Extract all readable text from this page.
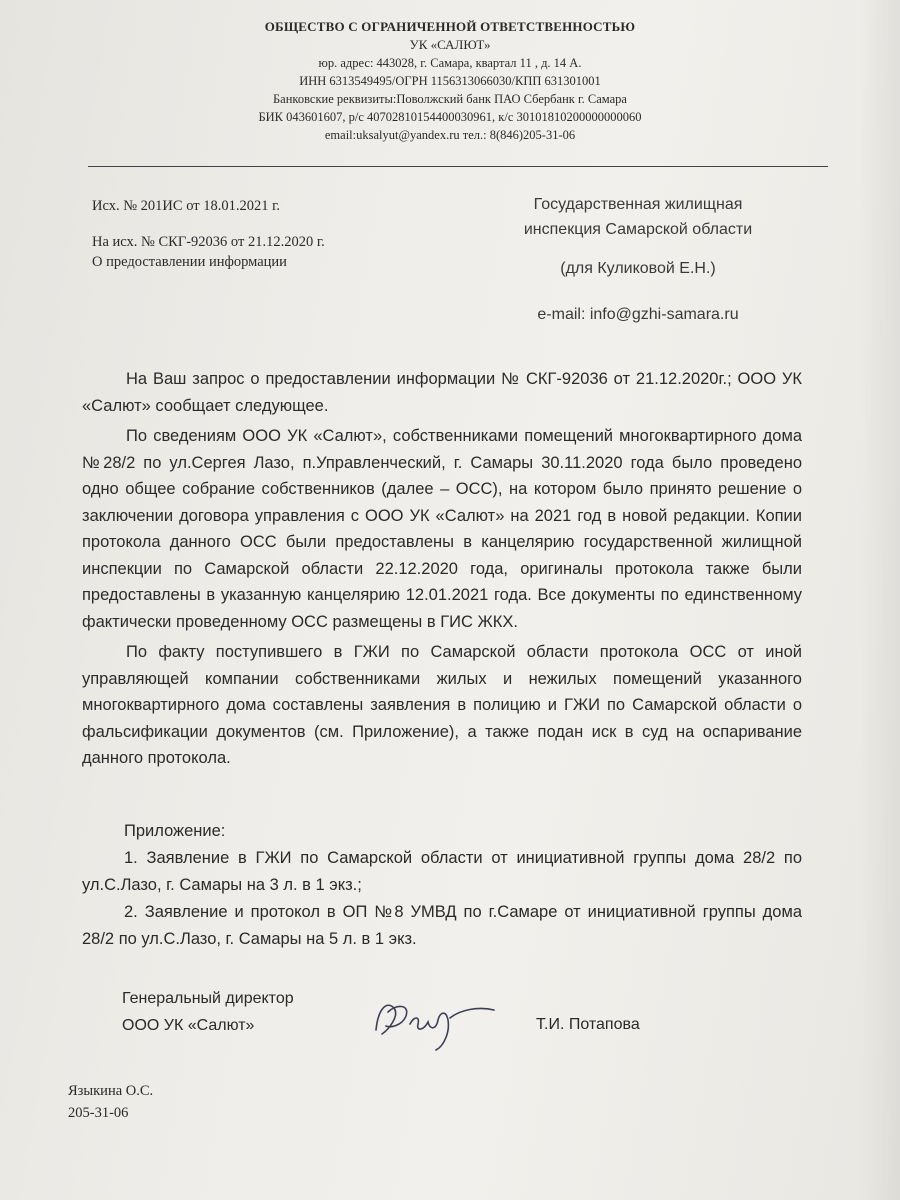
ОБЩЕСТВО С ОГРАНИЧЕННОЙ ОТВЕТСТВЕННОСТЬЮ
УК «САЛЮТ»
юр. адрес: 443028, г. Самара, квартал 11 , д. 14 А.
ИНН 6313549495/ОГРН 1156313066030/КПП 631301001
Банковские реквизиты:Поволжский банк ПАО Сбербанк г. Самара
БИК 043601607, р/с 40702810154400030961, к/с 30101810200000000060
email:uksalyut@yandex.ru тел.: 8(846)205-31-06
Исх. № 201ИС от 18.01.2021 г.
На исх. № СКГ-92036 от 21.12.2020 г.
О предоставлении информации
Государственная жилищная
инспекция Самарской области
(для Куликовой Е.Н.)
e-mail: info@gzhi-samara.ru

На Ваш запрос о предоставлении информации № СКГ-92036 от 21.12.2020г.; ООО УК «Салют» сообщает следующее.

По сведениям ООО УК «Салют», собственниками помещений многоквартирного дома №28/2 по ул.Сергея Лазо, п.Управленческий, г. Самары 30.11.2020 года было проведено одно общее собрание собственников (далее – ОСС), на котором было принято решение о заключении договора управления с ООО УК «Салют» на 2021 год в новой редакции. Копии протокола данного ОСС были предоставлены в канцелярию государственной жилищной инспекции по Самарской области 22.12.2020 года, оригиналы протокола также были предоставлены в указанную канцелярию 12.01.2021 года. Все документы по единственному фактически проведенному ОСС размещены в ГИС ЖКХ.

По факту поступившего в ГЖИ по Самарской области протокола ОСС от иной управляющей компании собственниками жилых и нежилых помещений указанного многоквартирного дома составлены заявления в полицию и ГЖИ по Самарской области о фальсификации документов (см. Приложение), а также подан иск в суд на оспаривание данного протокола.

Приложение:

1. Заявление в ГЖИ по Самарской области от инициативной группы дома 28/2 по ул.С.Лазо, г. Самары на 3 л. в 1 экз.;

2. Заявление и протокол в ОП №8 УМВД по г.Самаре от инициативной группы дома 28/2 по ул.С.Лазо, г. Самары на 5 л. в 1 экз.

Генеральный директор
ООО УК «Салют»	Т.И. Потапова
Языкина О.С.
205-31-06
